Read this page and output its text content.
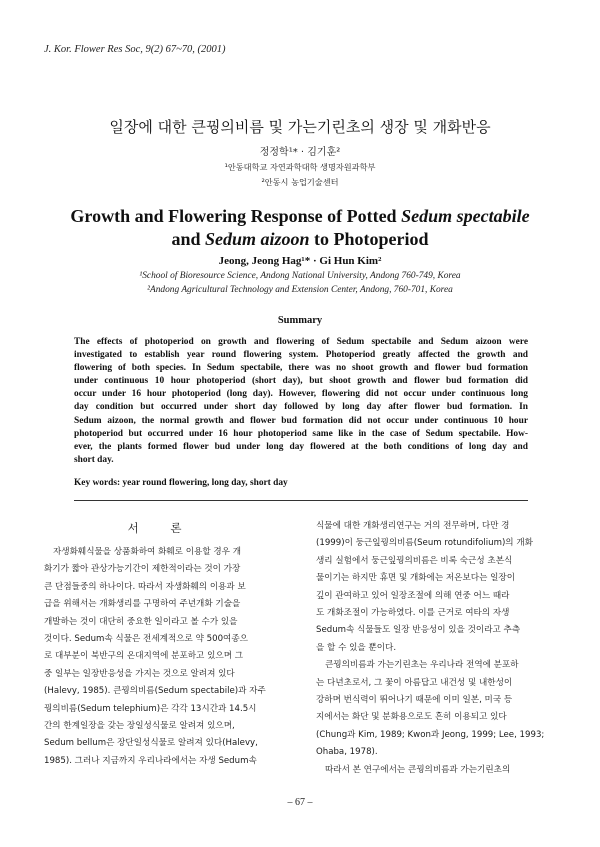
J. Kor. Flower Res Soc, 9(2) 67~70, (2001)
일장에 대한 큰꿩의비름 및 가는기린초의 생장 및 개화반응
정정학¹* · 김기훈²
¹안동대학교 자연과학대학 생명자원과학부
²안동시 농업기술센터
Growth and Flowering Response of Potted Sedum spectabile
and Sedum aizoon to Photoperiod
Jeong, Jeong Hag¹* · Gi Hun Kim²
¹School of Bioresource Science, Andong National University, Andong 760-749, Korea
²Andong Agricultural Technology and Extension Center, Andong, 760-701, Korea
Summary
The effects of photoperiod on growth and flowering of Sedum spectabile and Sedum aizoon were
investigated to establish year round flowering system. Photoperiod greatly affected the growth and
flowering of both species. In Sedum spectabile, there was no shoot growth and flower bud formation
under continuous 10 hour photoperiod (short day), but shoot growth and flower bud formation did
occur under 16 hour photoperiod (long day). However, flowering did not occur under continuous long
day condition but occurred under short day followed by long day after flower bud formation. In
Sedum aizoon, the normal growth and flower bud formation did not occur under continuous 10 hour
photoperiod but occurred under 16 hour photoperiod same like in the case of Sedum spectabile. How-
ever, the plants formed flower bud under long day flowered at the both conditions of long day and
short day.
Key words: year round flowering, long day, short day
서 론
자생화훼식물을 상품화하여 화훼로 이용할 경우 개
화기가 짧아 관상가능기간이 제한적이라는 것이 가장
큰 단점들중의 하나이다. 따라서 자생화훼의 이용과 보
급을 위해서는 개화생리를 구명하여 주년개화 기술을
개발하는 것이 대단히 중요한 일이라고 볼 수가 있을
것이다. Sedum속 식물은 전세계적으로 약 500여종으
로 대부분이 북반구의 온대지역에 분포하고 있으며 그
중 일부는 일장반응성을 가지는 것으로 알려져 있다
(Halevy, 1985). 큰꿩의비름(Sedum spectabile)과 자주
꿩의비름(Sedum telephium)은 각각 13시간과 14.5시
간의 한계일장을 갖는 장일성식물로 알려져 있으며,
Sedum bellum은 장단일성식물로 알려져 있다(Halevy,
1985). 그러나 지금까지 우리나라에서는 자생 Sedum속
식물에 대한 개화생리연구는 거의 전무하며, 다만 경
(1999)이 둥근잎꿩의비름(Seum rotundifolium)의 개화
생리 실험에서 둥근잎꿩의비름은 비록 숙근성 초본식
물이기는 하지만 휴면 및 개화에는 저온보다는 일장이
깊이 관여하고 있어 일장조절에 의해 연중 어느 때라
도 개화조절이 가능하였다. 이를 근거로 여타의 자생
Sedum속 식물들도 일장 반응성이 있을 것이라고 추측
을 할 수 있을 뿐이다.
큰꿩의비름과 가는기린초는 우리나라 전역에 분포하
는 다년초로서, 그 꽃이 아름답고 내건성 및 내한성이
강하며 번식력이 뛰어나기 때문에 이미 일본, 미국 등
지에서는 화단 및 분화용으로도 흔히 이용되고 있다
(Chung과 Kim, 1989; Kwon과 Jeong, 1999; Lee, 1993;
Ohaba, 1978).
따라서 본 연구에서는 큰꿩의비름과 가는기린초의
– 67 –
